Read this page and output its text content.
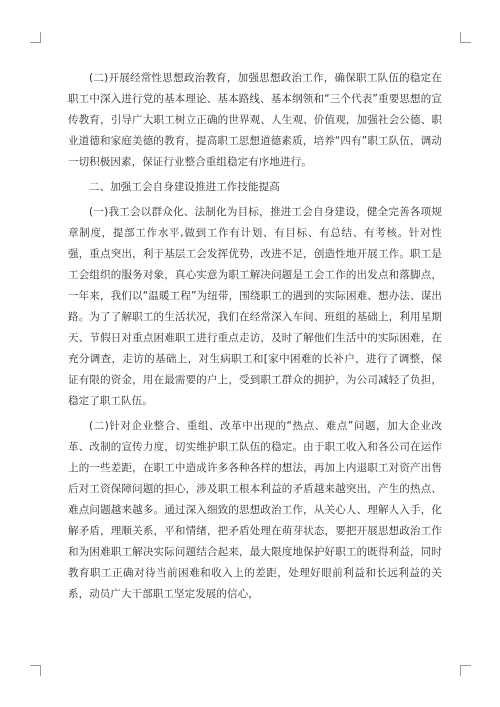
(二)开展经常性思想政治教育，加强思想政治工作，确保职工队伍的稳定在职工中深入进行党的基本理论、基本路线、基本纲领和“三个代表”重要思想的宣传教育，引导广大职工树立正确的世界观、人生观、价值观，加强社会公德、职业道德和家庭美德的教育，提高职工思想道德素质，培养“四有”职工队伍，调动一切积极因素，保证行业整合重组稳定有序地进行。

二、加强工会自身建设推进工作技能提高

(一)我工会以群众化、法制化为目标，推进工会自身建设，健全完善各项规章制度，提部工作水平,做到工作有计划、有目标、有总结、有考核。针对性强，重点突出，利于基层工会发挥优势，改进不足，创造性地开展工作。职工是工会组织的服务对象，真心实意为职工解决问题是工会工作的出发点和落脚点，一年来，我们以“温暖工程”为纽带，围绕职工的遇到的实际困难、想办法、谋出路。为了了解职工的生活状况，我们在经常深入车间、班组的基础上，利用星期天、节假日对重点困难职工进行重点走访，及时了解他们生活中的实际困难，在充分调查，走访的基础上，对生病职工和[家中困难的长补户，进行了调整，保证有限的资金，用在最需要的户上，受到职工群众的拥护，为公司减轻了负担，稳定了职工队伍。

(二)针对企业整合、重组、改革中出现的“热点、难点”问题，加大企业改革、改制的宣传力度，切实维护职工队伍的稳定。由于职工收入和各公司在运作上的一些差距，在职工中造成许多各种各样的想法，再加上内退职工对资产出售后对工资保障问题的担心，涉及职工根本利益的矛盾越来越突出，产生的热点、难点问题越来越多。通过深入细致的思想政治工作，从关心人、理解人入手，化解矛盾，理顺关系，平和情绪，把矛盾处理在萌芽状态，要把开展思想政治工作和为困难职工解决实际问题结合起来，最大限度地保护好职工的既得利益，同时教育职工正确对待当前困难和收入上的差距，处理好眼前利益和长远利益的关系，动员广大干部职工坚定发展的信心，
